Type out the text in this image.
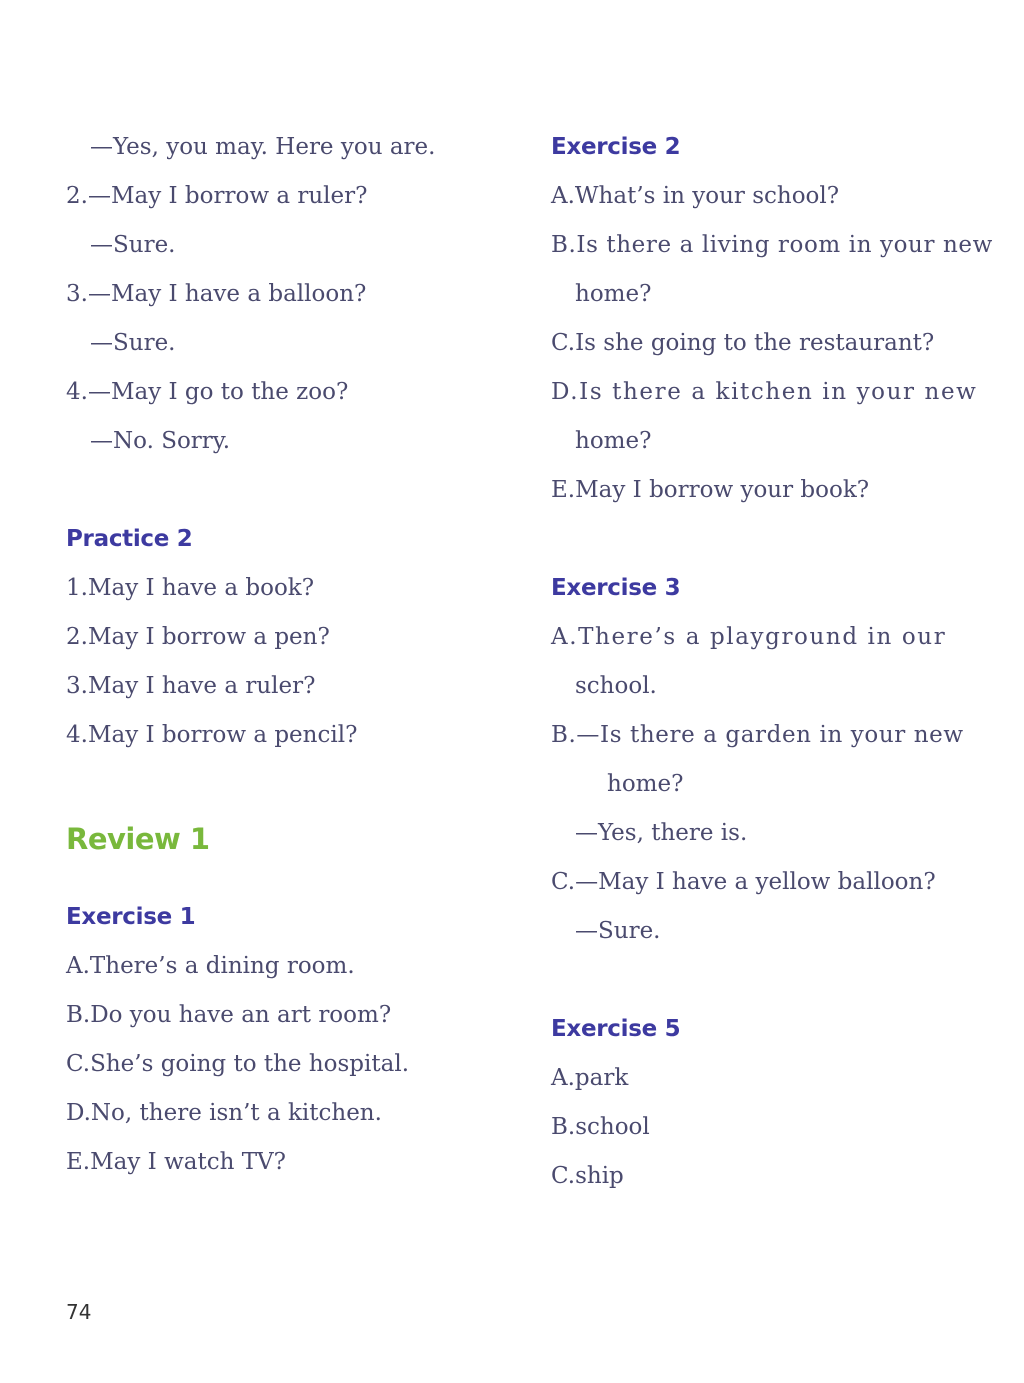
—Yes, you may. Here you are.
2.—May I borrow a ruler?
—Sure.
3.—May I have a balloon?
—Sure.
4.—May I go to the zoo?
—No. Sorry.
Practice 2
1.May I have a book?
2.May I borrow a pen?
3.May I have a ruler?
4.May I borrow a pencil?
Review 1
Exercise 1
A.There’s a dining room.
B.Do you have an art room?
C.She’s going to the hospital.
D.No, there isn’t a kitchen.
E.May I watch TV?
Exercise 2
A.What’s in your school?
B.Is there a living room in your new
home?
C.Is she going to the restaurant?
D.Is there a kitchen in your new
home?
E.May I borrow your book?
Exercise 3
A.There’s a playground in our
school.
B.—Is there a garden in your new
home?
—Yes, there is.
C.—May I have a yellow balloon?
—Sure.
Exercise 5
A.park
B.school
C.ship
74
